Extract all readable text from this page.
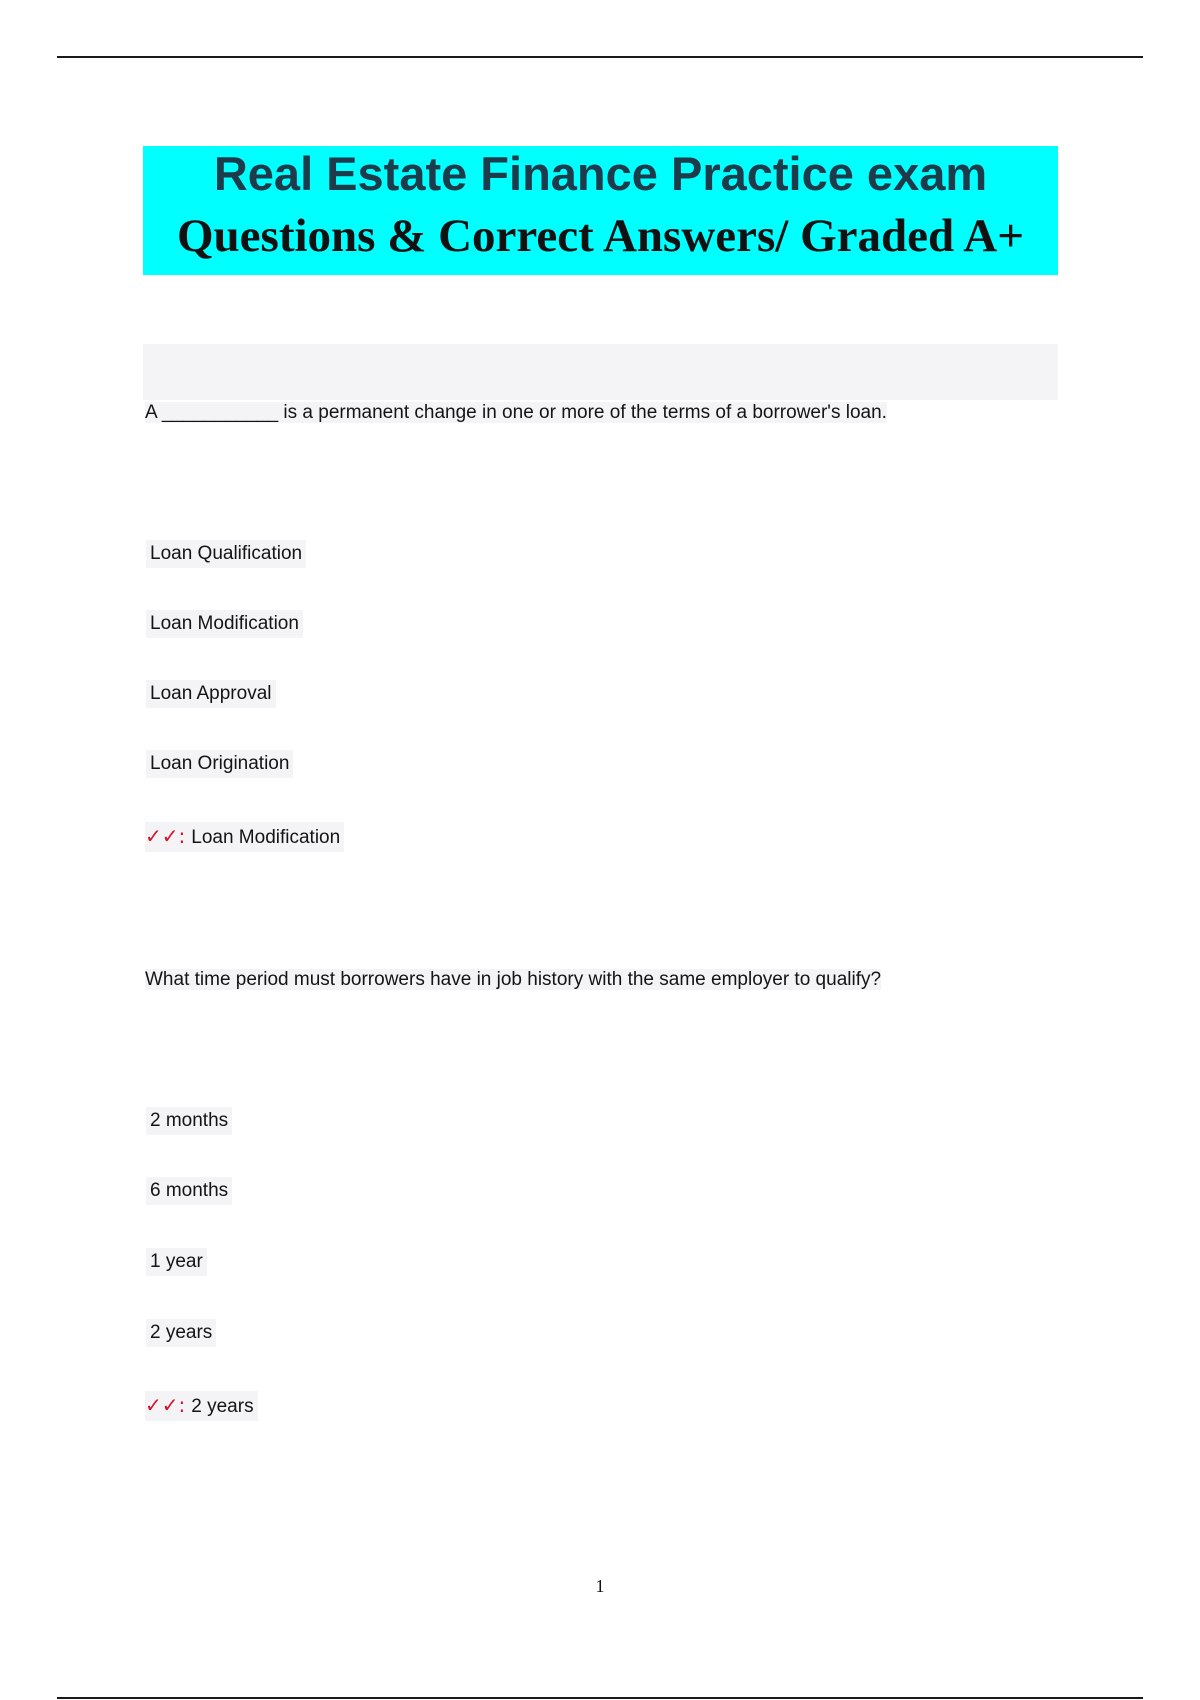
Real Estate Finance Practice exam
Questions & Correct Answers/ Graded A+
A ___________ is a permanent change in one or more of the terms of a borrower's loan.
Loan Qualification
Loan Modification
Loan Approval
Loan Origination
✓✓: Loan Modification
What time period must borrowers have in job history with the same employer to qualify?
2 months
6 months
1 year
2 years
✓✓: 2 years
1
